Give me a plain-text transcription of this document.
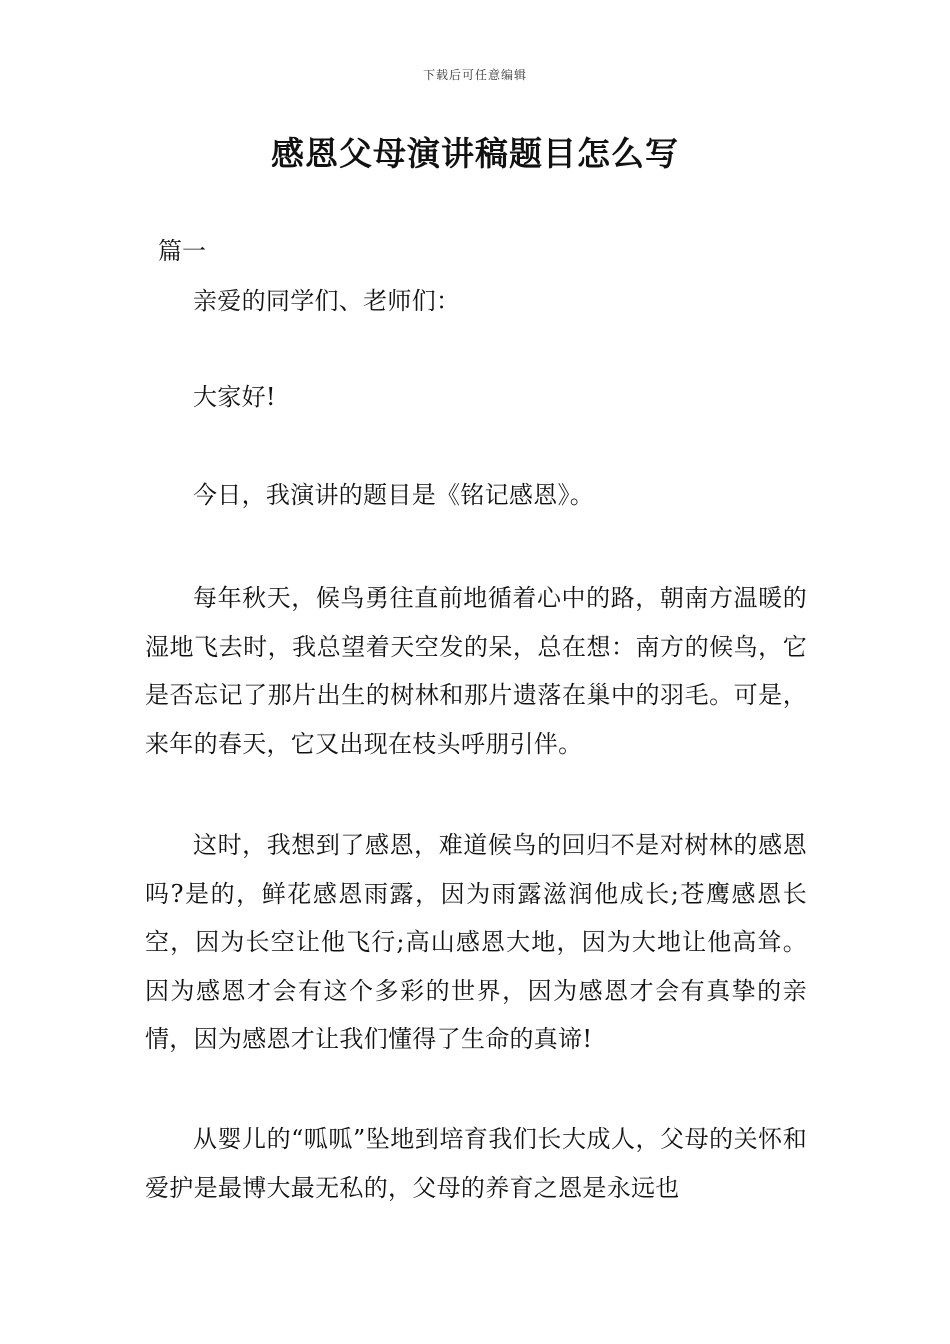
下载后可任意编辑
感恩父母演讲稿题目怎么写
篇一

亲爱的同学们、老师们：

大家好!

今日，我演讲的题目是《铭记感恩》。

每年秋天，候鸟勇往直前地循着心中的路，朝南方温暖的湿地飞去时，我总望着天空发的呆，总在想：南方的候鸟，它是否忘记了那片出生的树林和那片遗落在巢中的羽毛。可是，来年的春天，它又出现在枝头呼朋引伴。

这时，我想到了感恩，难道候鸟的回归不是对树林的感恩吗?是的，鲜花感恩雨露，因为雨露滋润他成长;苍鹰感恩长空，因为长空让他飞行;高山感恩大地，因为大地让他高耸。因为感恩才会有这个多彩的世界，因为感恩才会有真挚的亲情，因为感恩才让我们懂得了生命的真谛!

从婴儿的“呱呱”坠地到培育我们长大成人，父母的关怀和爱护是最博大最无私的，父母的养育之恩是永远也
